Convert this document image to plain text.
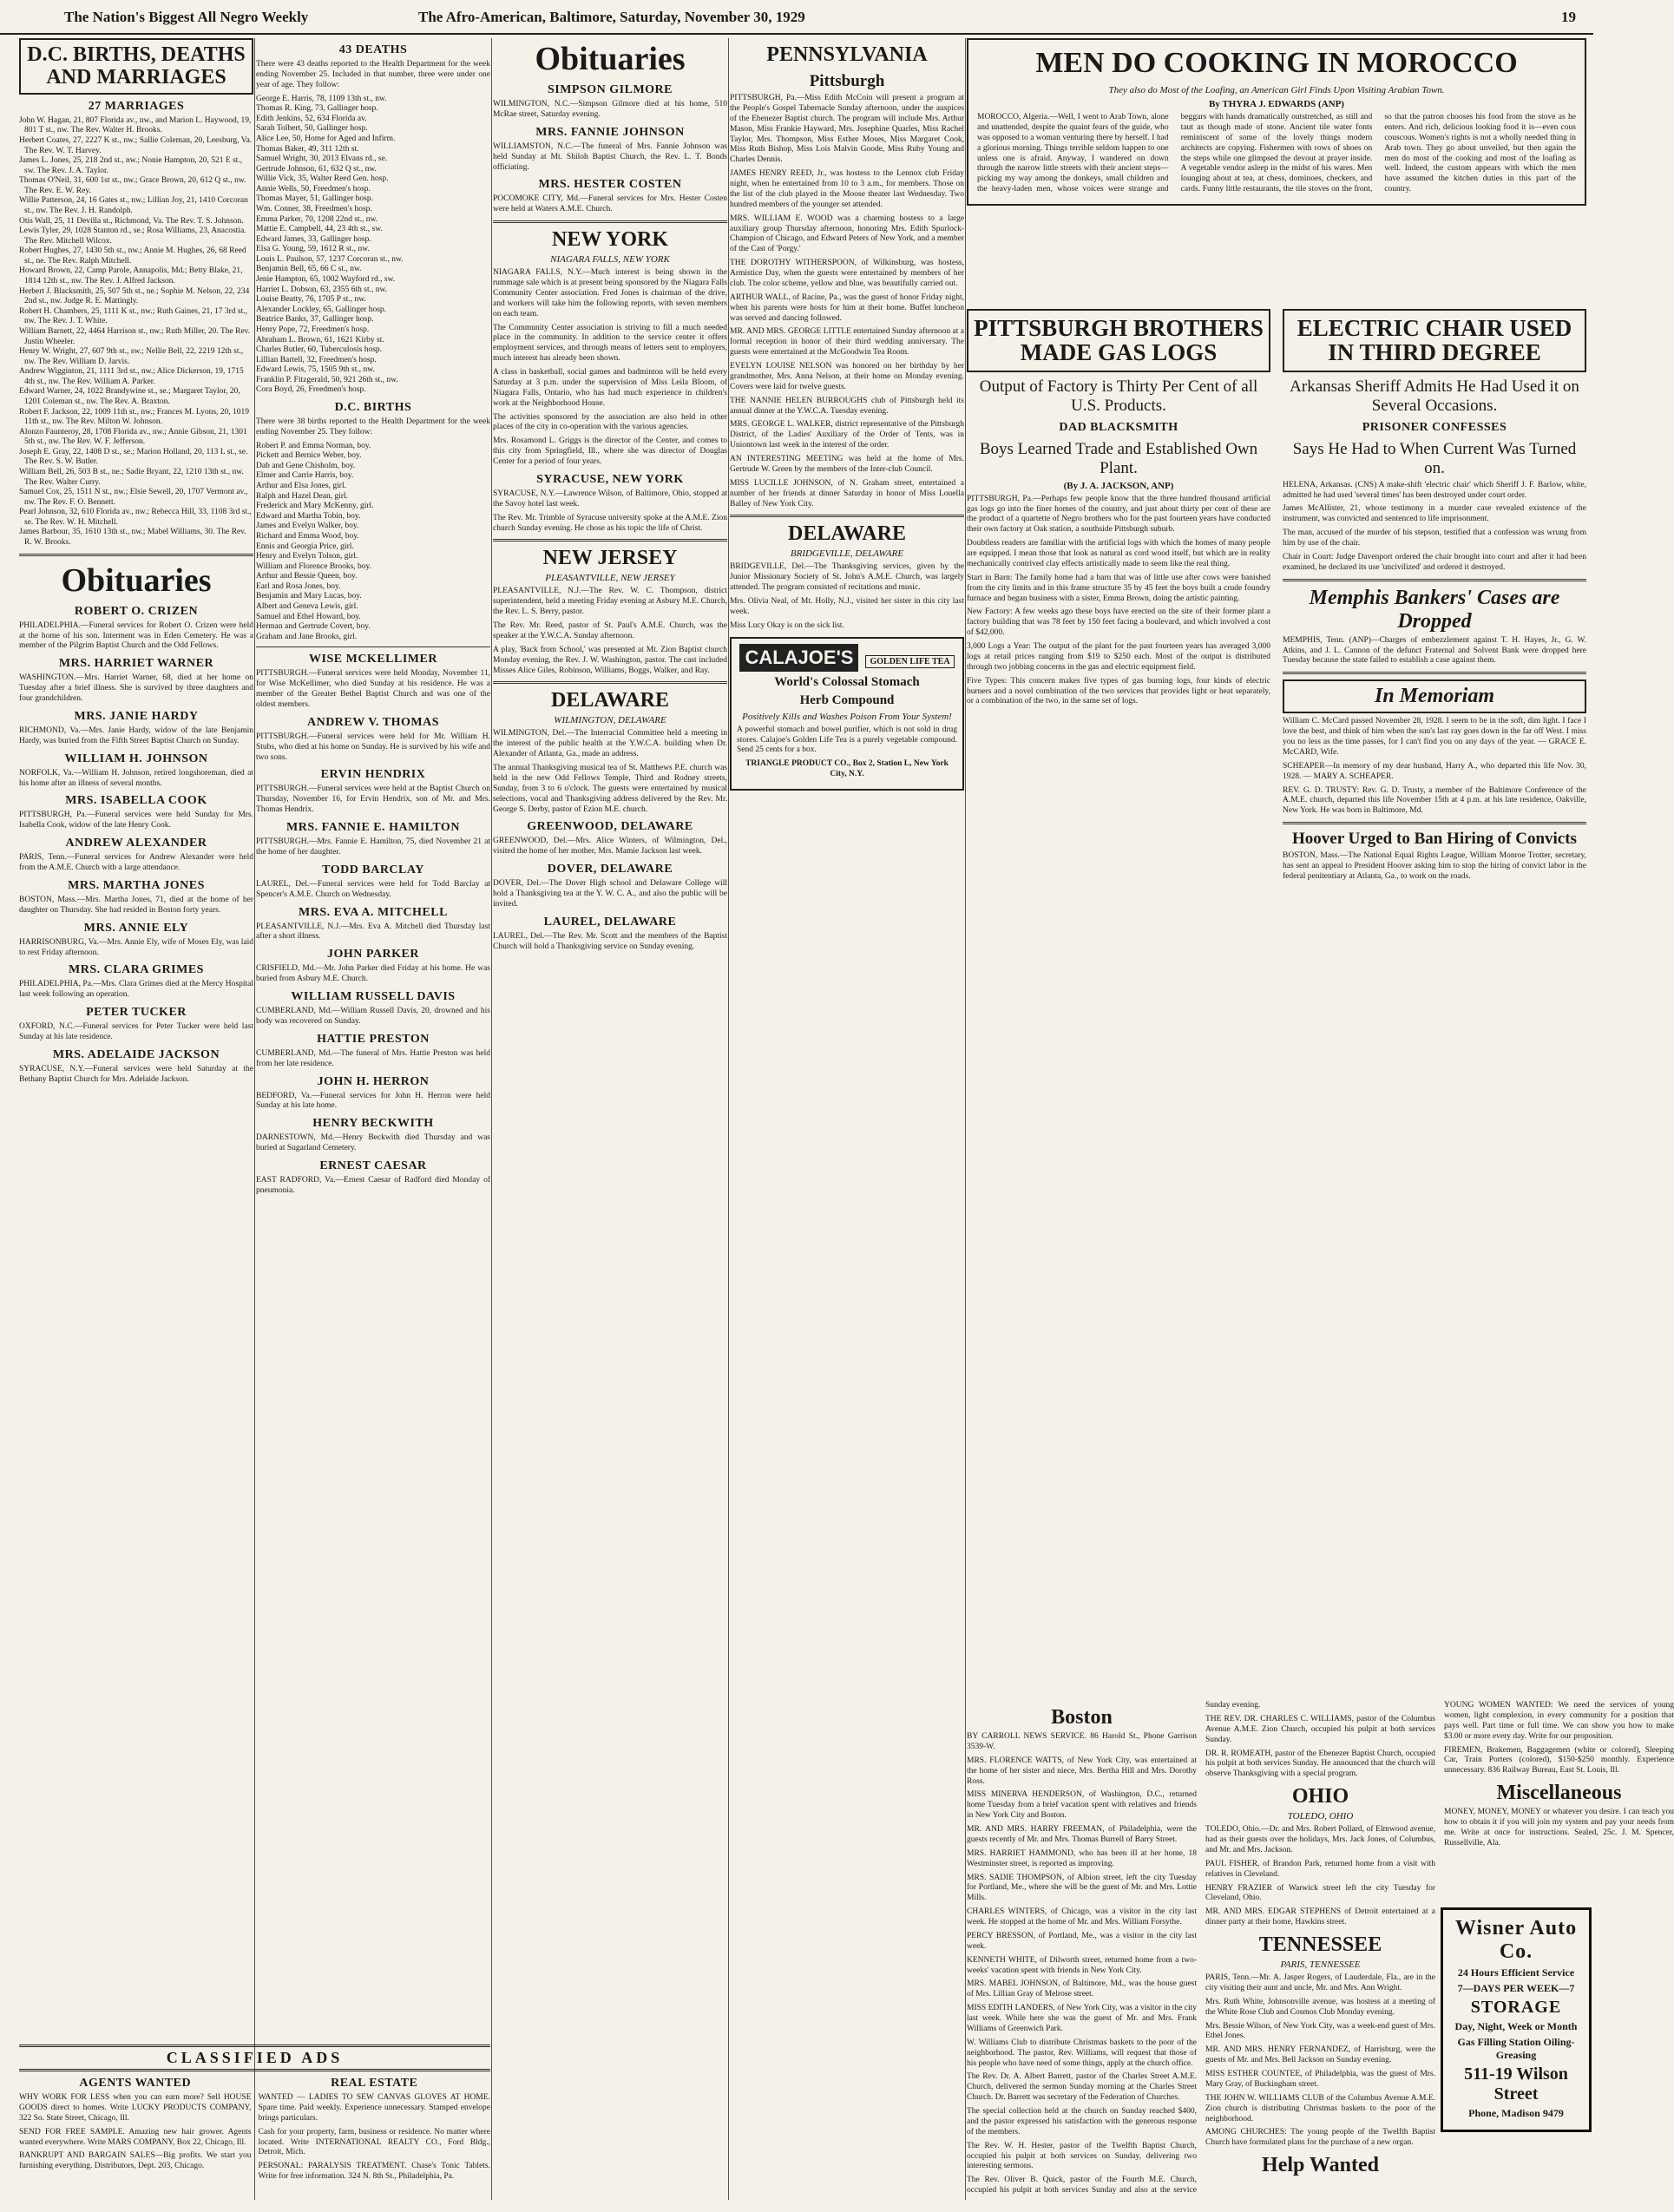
The Nation's Biggest All Negro Weekly	The Afro-American, Baltimore, Saturday, November 30, 1929	19
D.C. BIRTHS, DEATHS AND MARRIAGES
27 MARRIAGES
John W. Hagan, 21, 807 Florida av., nw., and Marion L. Haywood, 19, 801 T st., nw. The Rev. Walter H. Brooks.
Herbert Coates, 27, 2227 K st., nw.; Sallie Coleman, 20, Leesburg, Va. The Rev. W. T. Harvey.
James L. Jones, 25, 218 2nd st., nw.; Nonie Hampton, 20, 521 E st., sw. The Rev. J. A. Taylor.
Thomas O'Neil, 31, 600 1st st., nw.; Grace Brown, 20, 612 Q st., nw. The Rev. E. W. Rey.
Willie Patterson, 24, 16 Gates st., nw.; Lillian Joy, 21, 1410 Corcoran st., nw. The Rev. J. H. Randolph.
Otis Wall, 25, 11 Devilla st., Richmond, Va. The Rev. T. S. Johnson.
Lewis Tyler, 29, 1028 Stanton rd., se.; Rosa Williams, 23, Anacostia. The Rev. Mitchell Wilcox.
Robert Hughes, 27, 1430 5th st., nw.; Annie M. Hughes, 26, 68 Reed st., ne. The Rev. Ralph Mitchell.
Howard Brown, 22, Camp Parole, Annapolis, Md.; Betty Blake, 21, 1814 12th st., nw. The Rev. J. Alfred Jackson.
Herbert J. Blacksmith, 25, 507 5th st., ne.; Sophie M. Nelson, 22, 234 2nd st., nw. Judge R. E. Mattingly.
Robert H. Chambers, 25, 1111 K st., nw.; Ruth Gaines, 21, 17 3rd st., nw. The Rev. J. T. White.
William Barnett, 22, 4464 Harrison st., nw.; Ruth Miller, 20. The Rev. Justin Wheeler.
Henry W. Wright, 27, 607 9th st., sw.; Nellie Bell, 22, 2219 12th st., nw. The Rev. William D. Jarvis.
Andrew Wigginton, 21, 1111 3rd st., nw.; Alice Dickerson, 19, 1715 4th st., nw. The Rev. William A. Parker.
Edward Warner, 24, 1022 Brandywine st., se.; Margaret Taylor, 20, 1201 Coleman st., nw. The Rev. A. Braxton.
Robert F. Jackson, 22, 1009 11th st., nw.; Frances M. Lyons, 20, 1019 11th st., nw. The Rev. Milton W. Johnson.
Alonzo Faunteroy, 28, 1708 Florida av., nw.; Annie Gibson, 21, 1301 5th st., nw. The Rev. W. F. Jefferson.
Joseph E. Gray, 22, 1408 D st., se.; Marion Holland, 20, 113 L st., se. The Rev. S. W. Butler.
William Bell, 26, 503 B st., ne.; Sadie Bryant, 22, 1210 13th st., nw. The Rev. Walter Curry.
Samuel Cox, 25, 1511 N st., nw.; Elsie Sewell, 20, 1707 Vermont av., nw. The Rev. F. O. Bennett.
Pearl Johnson, 32, 610 Florida av., nw.; Rebecca Hill, 33, 1108 3rd st., se. The Rev. W. H. Mitchell.
James Barbour, 35, 1610 13th st., nw.; Mabel Williams, 30. The Rev. R. W. Brooks.
Obituaries
ROBERT O. CRIZEN

PHILADELPHIA.—Funeral services for Robert O. Crizen were held at the home of his son. Interment was in Eden Cemetery. He was a member of the Pilgrim Baptist Church and the Odd Fellows.

MRS. HARRIET WARNER

WASHINGTON.—Mrs. Harriet Warner, 68, died at her home on Tuesday after a brief illness. She is survived by three daughters and four grandchildren.

MRS. JANIE HARDY

RICHMOND, Va.—Mrs. Janie Hardy, widow of the late Benjamin Hardy, was buried from the Fifth Street Baptist Church on Sunday.

WILLIAM H. JOHNSON

NORFOLK, Va.—William H. Johnson, retired longshoreman, died at his home after an illness of several months.

MRS. ISABELLA COOK

PITTSBURGH, Pa.—Funeral services were held Sunday for Mrs. Isabella Cook, widow of the late Henry Cook.

ANDREW ALEXANDER

PARIS, Tenn.—Funeral services for Andrew Alexander were held from the A.M.E. Church with a large attendance.

MRS. MARTHA JONES

BOSTON, Mass.—Mrs. Martha Jones, 71, died at the home of her daughter on Thursday. She had resided in Boston forty years.

MRS. ANNIE ELY

HARRISONBURG, Va.—Mrs. Annie Ely, wife of Moses Ely, was laid to rest Friday afternoon.

MRS. CLARA GRIMES

PHILADELPHIA, Pa.—Mrs. Clara Grimes died at the Mercy Hospital last week following an operation.

PETER TUCKER

OXFORD, N.C.—Funeral services for Peter Tucker were held last Sunday at his late residence.

MRS. ADELAIDE JACKSON

SYRACUSE, N.Y.—Funeral services were held Saturday at the Bethany Baptist Church for Mrs. Adelaide Jackson.

43 DEATHS

There were 43 deaths reported to the Health Department for the week ending November 25. Included in that number, three were under one year of age. They follow:

George E. Harris, 78, 1109 13th st., nw.
Thomas R. King, 73, Gallinger hosp.
Edith Jenkins, 52, 634 Florida av.
Sarah Tolbert, 50, Gallinger hosp.
Alice Lee, 50, Home for Aged and Infirm.
Thomas Baker, 49, 311 12th st.
Samuel Wright, 30, 2013 Elvans rd., se.
Gertrude Johnson, 61, 632 Q st., nw.
Willie Vick, 35, Walter Reed Gen. hosp.
Annie Wells, 50, Freedmen's hosp.
Thomas Mayer, 51, Gallinger hosp.
Wm. Conner, 38, Freedmen's hosp.
Emma Parker, 70, 1208 22nd st., nw.
Mattie E. Campbell, 44, 23 4th st., sw.
Edward James, 33, Gallinger hosp.
Elsa G. Young, 59, 1612 R st., nw.
Louis L. Paulson, 57, 1237 Corcoran st., nw.
Benjamin Bell, 65, 66 C st., nw.
Jenie Hampton, 65, 1002 Wayford rd., sw.
Harriet L. Dobson, 63, 2355 6th st., nw.
Louise Beatty, 76, 1705 P st., nw.
Alexander Lockley, 65, Gallinger hosp.
Beatrice Banks, 37, Gallinger hosp.
Henry Pope, 72, Freedmen's hosp.
Abraham L. Brown, 61, 1621 Kirby st.
Charles Butler, 60, Tuberculosis hosp.
Lillian Bartell, 32, Freedmen's hosp.
Edward Lewis, 75, 1505 9th st., nw.
Franklin P. Fitzgerald, 50, 921 26th st., nw.
Cora Boyd, 26, Freedmen's hosp.
D.C. BIRTHS

There were 38 births reported to the Health Department for the week ending November 25. They follow:

Robert P. and Emma Norman, boy.
Pickett and Bernice Weber, boy.
Dab and Gene Chisholm, boy.
Elmer and Carrie Harris, boy.
Arthur and Elsa Jones, girl.
Ralph and Hazel Dean, girl.
Frederick and Mary McKenny, girl.
Edward and Martha Tobin, boy.
James and Evelyn Walker, boy.
Richard and Emma Wood, boy.
Ennis and Georgia Price, girl.
Henry and Evelyn Tolson, girl.
William and Florence Brooks, boy.
Arthur and Bessie Queen, boy.
Earl and Rosa Jones, boy.
Benjamin and Mary Lucas, boy.
Albert and Geneva Lewis, girl.
Samuel and Ethel Howard, boy.
Herman and Gertrude Covert, boy.
Graham and Jane Brooks, girl.
WISE MCKELLIMER

PITTSBURGH.—Funeral services were held Monday, November 11, for Wise McKellimer, who died Sunday at his residence. He was a member of the Greater Bethel Baptist Church and was one of the oldest members.

ANDREW V. THOMAS

PITTSBURGH.—Funeral services were held for Mr. William H. Stubs, who died at his home on Sunday. He is survived by his wife and two sons.

ERVIN HENDRIX

PITTSBURGH.—Funeral services were held at the Baptist Church on Thursday, November 16, for Ervin Hendrix, son of Mr. and Mrs. Thomas Hendrix.

MRS. FANNIE E. HAMILTON

PITTSBURGH.—Mrs. Fannie E. Hamilton, 75, died November 21 at the home of her daughter.

TODD BARCLAY

LAUREL, Del.—Funeral services were held for Todd Barclay at Spencer's A.M.E. Church on Wednesday.

MRS. EVA A. MITCHELL

PLEASANTVILLE, N.J.—Mrs. Eva A. Mitchell died Thursday last after a short illness.

JOHN PARKER

CRISFIELD, Md.—Mr. John Parker died Friday at his home. He was buried from Asbury M.E. Church.

WILLIAM RUSSELL DAVIS

CUMBERLAND, Md.—William Russell Davis, 20, drowned and his body was recovered on Sunday.

HATTIE PRESTON

CUMBERLAND, Md.—The funeral of Mrs. Hattie Preston was held from her late residence.

JOHN H. HERRON

BEDFORD, Va.—Funeral services for John H. Herron were held Sunday at his late home.

HENRY BECKWITH

DARNESTOWN, Md.—Henry Beckwith died Thursday and was buried at Sugarland Cemetery.

ERNEST CAESAR

EAST RADFORD, Va.—Ernest Caesar of Radford died Monday of pneumonia.

Obituaries
SIMPSON GILMORE

WILMINGTON, N.C.—Simpson Gilmore died at his home, 510 McRae street, Saturday evening.

MRS. FANNIE JOHNSON

WILLIAMSTON, N.C.—The funeral of Mrs. Fannie Johnson was held Sunday at Mt. Shiloh Baptist Church, the Rev. L. T. Bonds officiating.

MRS. HESTER COSTEN

POCOMOKE CITY, Md.—Funeral services for Mrs. Hester Costen were held at Waters A.M.E. Church.

NEW YORK
NIAGARA FALLS, NEW YORK

NIAGARA FALLS, N.Y.—Much interest is being shown in the rummage sale which is at present being sponsored by the Niagara Falls Community Center association. Fred Jones is chairman of the drive, and workers will take him the following reports, with seven members on each team.

The Community Center association is striving to fill a much needed place in the community. In addition to the service center it offers employment services, and through means of letters sent to employers, much interest has already been shown.

A class in basketball, social games and badminton will be held every Saturday at 3 p.m. under the supervision of Miss Leila Bloom, of Niagara Falls, Ontario, who has had much experience in children's work at the Neighborhood House.

The activities sponsored by the association are also held in other places of the city in co-operation with the various agencies.

Mrs. Rosamond L. Griggs is the director of the Center, and comes to this city from Springfield, Ill., where she was director of Douglas Center for a period of four years.

SYRACUSE, NEW YORK

SYRACUSE, N.Y.—Lawrence Wilson, of Baltimore, Ohio, stopped at the Savoy hotel last week.

The Rev. Mr. Trimble of Syracuse university spoke at the A.M.E. Zion church Sunday evening. He chose as his topic the life of Christ.

NEW JERSEY
PLEASANTVILLE, NEW JERSEY

PLEASANTVILLE, N.J.—The Rev. W. C. Thompson, district superintendent, held a meeting Friday evening at Asbury M.E. Church, the Rev. L. S. Berry, pastor.

The Rev. Mr. Reed, pastor of St. Paul's A.M.E. Church, was the speaker at the Y.W.C.A. Sunday afternoon.

A play, 'Back from School,' was presented at Mt. Zion Baptist church Monday evening, the Rev. J. W. Washington, pastor. The cast included Misses Alice Giles, Robinson, Williams, Boggs, Walker, and Ray.

DELAWARE
WILMINGTON, DELAWARE

WILMINGTON, Del.—The Interracial Committee held a meeting in the interest of the public health at the Y.W.C.A. building when Dr. Alexander of Atlanta, Ga., made an address.

The annual Thanksgiving musical tea of St. Matthews P.E. church was held in the new Odd Fellows Temple, Third and Rodney streets, Sunday, from 3 to 6 o'clock. The guests were entertained by musical selections, vocal and Thanksgiving address delivered by the Rev. Mr. George S. Derby, pastor of Ezion M.E. church.

GREENWOOD, DELAWARE

GREENWOOD, Del.—Mrs. Alice Winters, of Wilmington, Del., visited the home of her mother, Mrs. Mamie Jackson last week.

DOVER, DELAWARE

DOVER, Del.—The Dover High school and Delaware College will hold a Thanksgiving tea at the Y. W. C. A., and also the public will be invited.

LAUREL, DELAWARE

LAUREL, Del.—The Rev. Mr. Scott and the members of the Baptist Church will hold a Thanksgiving service on Sunday evening.

PENNSYLVANIA
Pittsburgh

PITTSBURGH, Pa.—Miss Edith McCoin will present a program at the People's Gospel Tabernacle Sunday afternoon, under the auspices of the Ebenezer Baptist church. The program will include Mrs. Arthur Mason, Miss Frankie Hayward, Mrs. Josephine Quarles, Miss Rachel Taylor, Mrs. Thompson, Miss Esther Moses, Miss Margaret Cook, Miss Ruth Bishop, Miss Lois Malvin Goode, Miss Ruby Young and Charles Dennis.

JAMES HENRY REED, Jr., was hostess to the Lennox club Friday night, when he entertained from 10 to 3 a.m., for members. Those on the list of the club played in the Moose theater last Wednesday. Two hundred members of the younger set attended.

MRS. WILLIAM E. WOOD was a charming hostess to a large auxiliary group Thursday afternoon, honoring Mrs. Edith Spurlock-Champion of Chicago, and Edward Peters of New York, and a member of the Cast of 'Porgy.'

THE DOROTHY WITHERSPOON, of Wilkinsburg, was hostess, Armistice Day, when the guests were entertained by members of her club. The color scheme, yellow and blue, was beautifully carried out.

ARTHUR WALL, of Racine, Pa., was the guest of honor Friday night, when his parents were hosts for him at their home. Buffet luncheon was served and dancing followed.

MR. AND MRS. GEORGE LITTLE entertained Sunday afternoon at a formal reception in honor of their third wedding anniversary. The guests were entertained at the McGoodwin Tea Room.

EVELYN LOUISE NELSON was honored on her birthday by her grandmother, Mrs. Anna Nelson, at their home on Monday evening. Covers were laid for twelve guests.

THE NANNIE HELEN BURROUGHS club of Pittsburgh held its annual dinner at the Y.W.C.A. Tuesday evening.

MRS. GEORGE L. WALKER, district representative of the Pittsburgh District, of the Ladies' Auxiliary of the Order of Tents, was in Uniontown last week in the interest of the order.

AN INTERESTING MEETING was held at the home of Mrs. Gertrude W. Green by the members of the Inter-club Council.

MISS LUCILLE JOHNSON, of N. Graham street, entertained a number of her friends at dinner Saturday in honor of Miss Louella Balley of New York City.

DELAWARE
BRIDGEVILLE, DELAWARE

BRIDGEVILLE, Del.—The Thanksgiving services, given by the Junior Missionary Society of St. John's A.M.E. Church, was largely attended. The program consisted of recitations and music.

Mrs. Olivia Neal, of Mt. Holly, N.J., visited her sister in this city last week.

Miss Lucy Okay is on the sick list.

CALAJOE'S GOLDEN LIFE TEA
World's Colossal Stomach
Herb Compound
Positively Kills and Washes Poison From Your System!

A powerful stomach and bowel purifier, which is not sold in drug stores. Calajoe's Golden Life Tea is a purely vegetable compound. Send 25 cents for a box.

TRIANGLE PRODUCT CO., Box 2, Station L, New York City, N.Y.

MEN DO COOKING IN MOROCCO
They also do Most of the Loafing, an American Girl Finds Upon Visiting Arabian Town.
By THYRA J. EDWARDS (ANP)

MOROCCO, Algeria.—Well, I went to Arab Town, alone and unattended, despite the quaint fears of the guide, who was opposed to a woman venturing there by herself. I had a glorious morning. Things terrible seldom happen to one unless one is afraid. Anyway, I wandered on down through the narrow little streets with their ancient steps—picking my way among the donkeys, small children and the heavy-laden men, whose voices were strange and beggars with hands dramatically outstretched, as still and taut as though made of stone. Ancient tile water fonts reminiscent of some of the lovely things modern architects are copying. Fishermen with rows of shoes on the steps while one glimpsed the devout at prayer inside. A vegetable vendor asleep in the midst of his wares. Men lounging about at tea, at chess, dominoes, checkers, and cards. Funny little restaurants, the tile stoves on the front, so that the patron chooses his food from the stove as he enters. And rich, delicious looking food it is—even cous couscous. Women's rights is not a wholly needed thing in Arab town. They go about unveiled, but then again the men do most of the cooking and most of the loafing as well. Indeed, the custom appears with which the men have assumed the kitchen duties in this part of the country.

PITTSBURGH BROTHERS MADE GAS LOGS
Output of Factory is Thirty Per Cent of all U.S. Products.
DAD BLACKSMITH
Boys Learned Trade and Established Own Plant.
(By J. A. JACKSON, ANP)

PITTSBURGH, Pa.—Perhaps few people know that the three hundred thousand artificial gas logs go into the finer homes of the country, and just about thirty per cent of these are the product of a quartette of Negro brothers who for the past fourteen years have conducted their own factory at Oak station, a southside Pittsburgh suburb.

Doubtless readers are familiar with the artificial logs with which the homes of many people are equipped. I mean those that look as natural as cord wood itself, but which are in reality mechanically contrived clay effects artistically made to seem like the real thing.

Start in Barn: The family home had a barn that was of little use after cows were banished from the city limits and in this frame structure 35 by 45 feet the boys built a crude foundry furnace and began business with a sister, Emma Brown, doing the artistic painting.

New Factory: A few weeks ago these boys have erected on the site of their former plant a factory building that was 78 feet by 150 feet facing a boulevard, and which involved a cost of $42,000.

3,000 Logs a Year: The output of the plant for the past fourteen years has averaged 3,000 logs at retail prices ranging from $19 to $250 each. Most of the output is distributed through two jobbing concerns in the gas and electric equipment field.

Five Types: This concern makes five types of gas burning logs, four kinds of electric burners and a novel combination of the two services that provides light or heat separately, or a combination of the two, in the same set of logs.

ELECTRIC CHAIR USED IN THIRD DEGREE
Arkansas Sheriff Admits He Had Used it on Several Occasions.
PRISONER CONFESSES
Says He Had to When Current Was Turned on.

HELENA, Arkansas. (CNS) A make-shift 'electric chair' which Sheriff J. F. Barlow, white, admitted he had used 'several times' has been destroyed under court order.

James McAllister, 21, whose testimony in a murder case revealed existence of the instrument, was convicted and sentenced to life imprisonment.

The man, accused of the murder of his stepson, testified that a confession was wrung from him by use of the chair.

Chair in Court: Judge Davenport ordered the chair brought into court and after it had been examined, he declared its use 'uncivilized' and ordered it destroyed.

Memphis Bankers' Cases are Dropped

MEMPHIS, Tenn. (ANP)—Charges of embezzlement against T. H. Hayes, Jr., G. W. Atkins, and J. L. Cannon of the defunct Fraternal and Solvent Bank were dropped here Tuesday because the state failed to establish a case against them.

In Memoriam

William C. McCard passed November 28, 1928. I seem to be in the soft, dim light. I face I love the best, and think of him when the sun's last ray goes down in the far off West. I miss you no less as the time passes, for I can't find you on any days of the year. — GRACE E. McCARD, Wife.

SCHEAPER—In memory of my dear husband, Harry A., who departed this life Nov. 30, 1928. — MARY A. SCHEAPER.

REV. G. D. TRUSTY: Rev. G. D. Trusty, a member of the Baltimore Conference of the A.M.E. church, departed this life November 15th at 4 p.m. at his late residence, Oakville, New York. He was born in Baltimore, Md.

Hoover Urged to Ban Hiring of Convicts

BOSTON, Mass.—The National Equal Rights League, William Monroe Trotter, secretary, has sent an appeal to President Hoover asking him to stop the hiring of convict labor in the federal penitentiary at Atlanta, Ga., to work on the roads.

Wisner Auto Co.
24 Hours Efficient Service
7—DAYS PER WEEK—7
STORAGE
Day, Night, Week or Month
Gas Filling Station Oiling-Greasing
511-19 Wilson Street
Phone, Madison 9479
CLASSIFIED ADS
AGENTS WANTED

WHY WORK FOR LESS when you can earn more? Sell HOUSE GOODS direct to homes. Write LUCKY PRODUCTS COMPANY, 322 So. State Street, Chicago, Ill.

SEND FOR FREE SAMPLE. Amazing new hair grower. Agents wanted everywhere. Write MARS COMPANY, Box 22, Chicago, Ill.

BANKRUPT AND BARGAIN SALES—Big profits. We start you furnishing everything. Distributors, Dept. 203, Chicago.

REAL ESTATE

WANTED — LADIES TO SEW CANVAS GLOVES AT HOME. Spare time. Paid weekly. Experience unnecessary. Stamped envelope brings particulars.

Cash for your property, farm, business or residence. No matter where located. Write INTERNATIONAL REALTY CO., Ford Bldg., Detroit, Mich.

PERSONAL: PARALYSIS TREATMENT. Chase's Tonic Tablets. Write for free information. 324 N. 8th St., Philadelphia, Pa.

Boston

BY CARROLL NEWS SERVICE. 86 Harold St., Phone Garrison 3539-W.

MRS. FLORENCE WATTS, of New York City, was entertained at the home of her sister and niece, Mrs. Bertha Hill and Mrs. Dorothy Ross.

MISS MINERVA HENDERSON, of Washington, D.C., returned home Tuesday from a brief vacation spent with relatives and friends in New York City and Boston.

MR. AND MRS. HARRY FREEMAN, of Philadelphia, were the guests recently of Mr. and Mrs. Thomas Burrell of Barry Street.

MRS. HARRIET HAMMOND, who has been ill at her home, 18 Westminster street, is reported as improving.

MRS. SADIE THOMPSON, of Albion street, left the city Tuesday for Portland, Me., where she will be the guest of Mr. and Mrs. Lottie Mills.

CHARLES WINTERS, of Chicago, was a visitor in the city last week. He stopped at the home of Mr. and Mrs. William Forsythe.

PERCY BRESSON, of Portland, Me., was a visitor in the city last week.

KENNETH WHITE, of Dilworth street, returned home from a two-weeks' vacation spent with friends in New York City.

MRS. MABEL JOHNSON, of Baltimore, Md., was the house guest of Mrs. Lillian Gray of Melrose street.

MISS EDITH LANDERS, of New York City, was a visitor in the city last week. While here she was the guest of Mr. and Mrs. Frank Williams of Greenwich Park.

W. Williams Club to distribute Christmas baskets to the poor of the neighborhood. The pastor, Rev. Williams, will request that those of his people who have need of some things, apply at the church office.

The Rev. Dr. A. Albert Barrett, pastor of the Charles Street A.M.E. Church, delivered the sermon Sunday morning at the Charles Street Church. Dr. Barrett was secretary of the Federation of Churches.

The special collection held at the church on Sunday reached $400, and the pastor expressed his satisfaction with the generous response of the members.

The Rev. W. H. Hester, pastor of the Twelfth Baptist Church, occupied his pulpit at both services on Sunday, delivering two interesting sermons.

The Rev. Oliver B. Quick, pastor of the Fourth M.E. Church, occupied his pulpit at both services Sunday and also at the service Sunday evening.

THE REV. DR. CHARLES C. WILLIAMS, pastor of the Columbus Avenue A.M.E. Zion Church, occupied his pulpit at both services Sunday.

DR. R. ROMEATH, pastor of the Ebenezer Baptist Church, occupied his pulpit at both services Sunday. He announced that the church will observe Thanksgiving with a special program.

OHIO
TOLEDO, OHIO

TOLEDO, Ohio.—Dr. and Mrs. Robert Pollard, of Elmwood avenue, had as their guests over the holidays, Mrs. Jack Jones, of Columbus, and Mr. and Mrs. Jackson.

PAUL FISHER, of Brandon Park, returned home from a visit with relatives in Cleveland.

HENRY FRAZIER of Warwick street left the city Tuesday for Cleveland, Ohio.

MR. AND MRS. EDGAR STEPHENS of Detroit entertained at a dinner party at their home, Hawkins street.

TENNESSEE
PARIS, TENNESSEE

PARIS, Tenn.—Mr. A. Jasper Rogers, of Lauderdale, Fla., are in the city visiting their aunt and uncle, Mr. and Mrs. Ann Wright.

Mrs. Ruth White, Johnsonville avenue, was hostess at a meeting of the White Rose Club and Cosmos Club Monday evening.

Mrs. Bessie Wilson, of New York City, was a week-end guest of Mrs. Ethel Jones.

MR. AND MRS. HENRY FERNANDEZ, of Harrisburg, were the guests of Mr. and Mrs. Bell Jackson on Sunday evening.

MISS ESTHER COUNTEE, of Philadelphia, was the guest of Mrs. Mary Gray, of Buckingham street.

THE JOHN W. WILLIAMS CLUB of the Columbus Avenue A.M.E. Zion church is distributing Christmas baskets to the poor of the neighborhood.

AMONG CHURCHES: The young people of the Twelfth Baptist Church have formulated plans for the purchase of a new organ.

Help Wanted

YOUNG WOMEN WANTED: We need the services of young women, light complexion, in every community for a position that pays well. Part time or full time. We can show you how to make $3.00 or more every day. Write for our proposition.

FIREMEN, Brakemen, Baggagemen (white or colored), Sleeping Car, Train Porters (colored), $150-$250 monthly. Experience unnecessary. 836 Railway Bureau, East St. Louis, Ill.

Miscellaneous

MONEY, MONEY, MONEY or whatever you desire. I can teach you how to obtain it if you will join my system and pay your needs from me. Write at once for instructions. Sealed, 25c. J. M. Spencer, Russellville, Ala.
